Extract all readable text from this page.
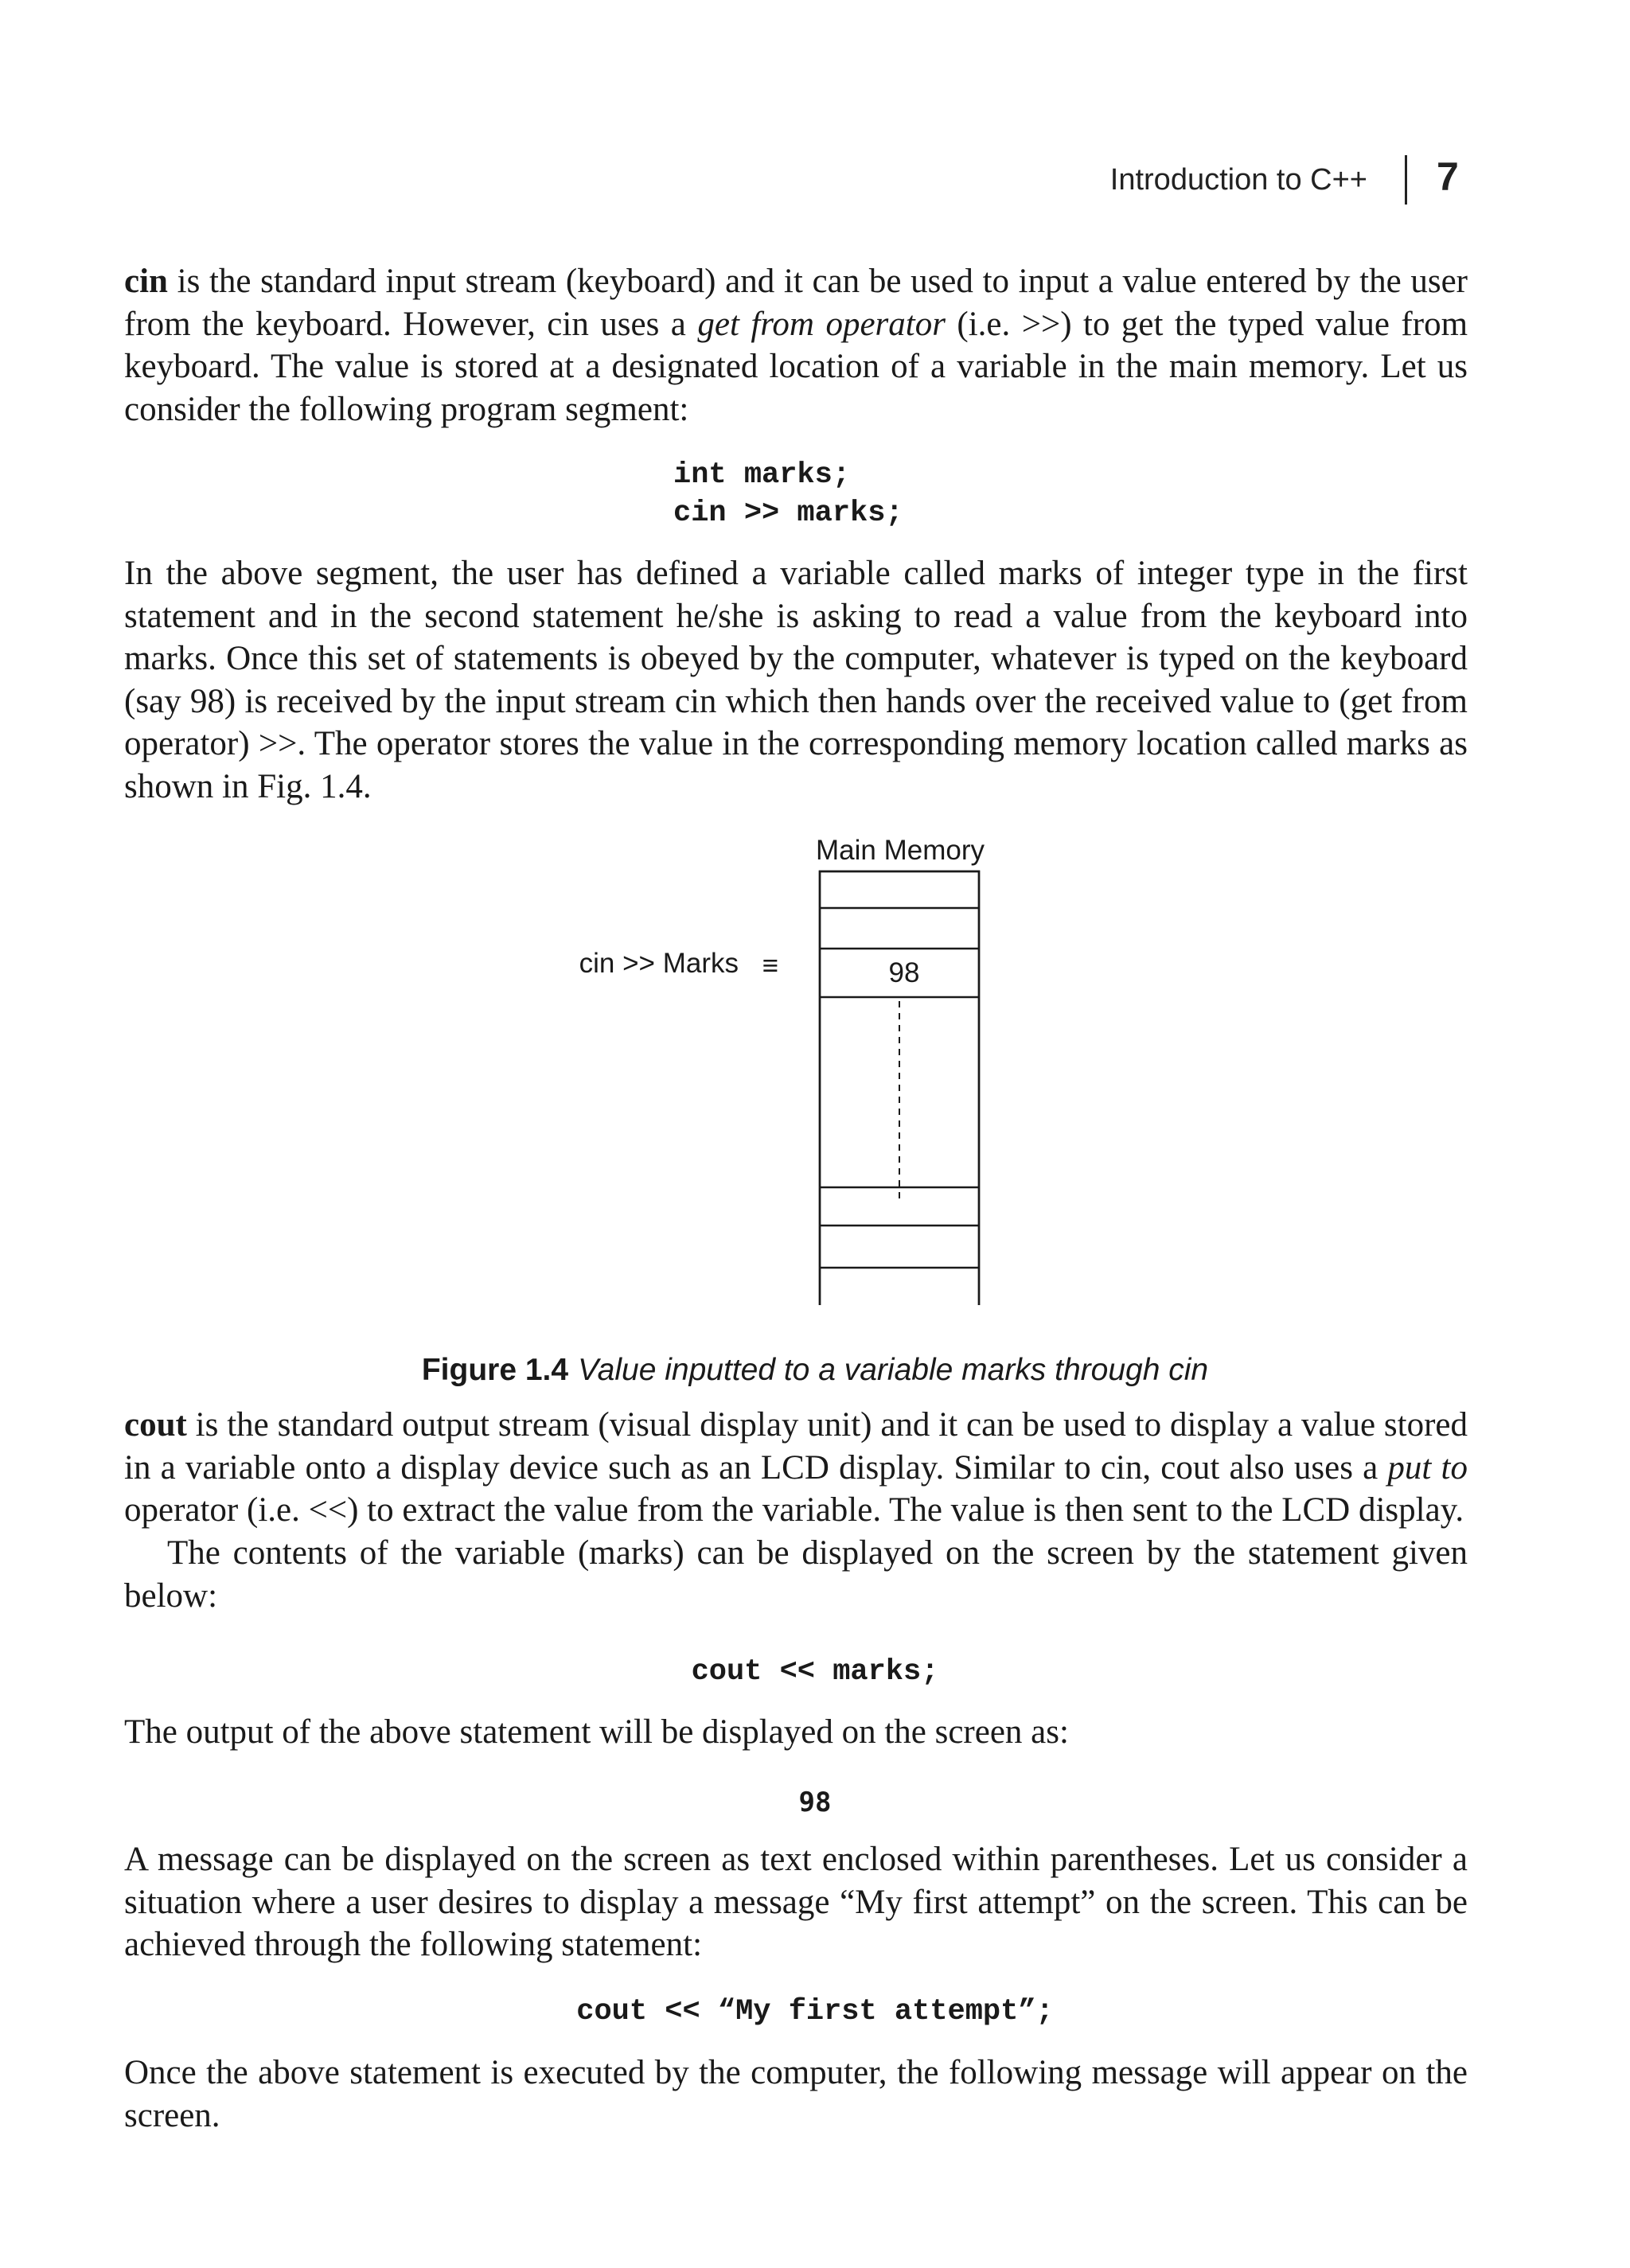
Introduction to C++ 7

cin is the standard input stream (keyboard) and it can be used to input a value entered by the user from the keyboard. However, cin uses a get from operator (i.e. >>) to get the typed value from keyboard. The value is stored at a designated location of a variable in the main memory. Let us consider the following program segment:

int marks;
cin >> marks;

In the above segment, the user has defined a variable called marks of integer type in the first statement and in the second statement he/she is asking to read a value from the keyboard into marks. Once this set of statements is obeyed by the computer, whatever is typed on the keyboard (say 98) is received by the input stream cin which then hands over the received value to (get from operator) >>. The operator stores the value in the corresponding memory location called marks as shown in Fig. 1.4.

Main Memory
98
cin >> Marks ≡
Figure 1.4 Value inputted to a variable marks through cin

cout is the standard output stream (visual display unit) and it can be used to display a value stored in a variable onto a display device such as an LCD display. Similar to cin, cout also uses a put to operator (i.e. <<) to extract the value from the variable. The value is then sent to the LCD display.

The contents of the variable (marks) can be displayed on the screen by the statement given below:

cout << marks;

The output of the above statement will be displayed on the screen as:

98

A message can be displayed on the screen as text enclosed within parentheses. Let us consider a situation where a user desires to display a message “My first attempt” on the screen. This can be achieved through the following statement:

cout << “My first attempt”;

Once the above statement is executed by the computer, the following message will appear on the screen.
